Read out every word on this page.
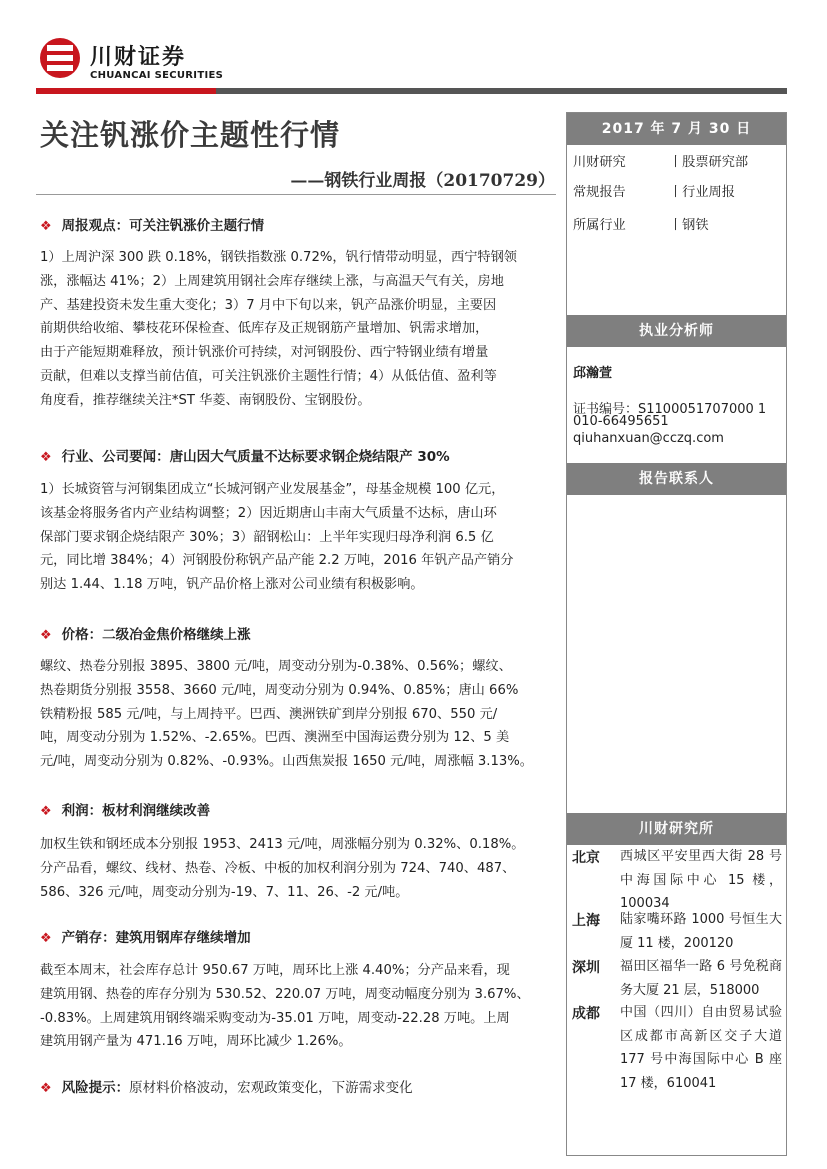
川财证券
CHUANCAI SECURITIES
关注钒涨价主题性行情
——钢铁行业周报（20170729）
❖ 周报观点：可关注钒涨价主题行情
1）上周沪深 300 跌 0.18%，钢铁指数涨 0.72%，钒行情带动明显，西宁特钢领
涨，涨幅达 41%；2）上周建筑用钢社会库存继续上涨，与高温天气有关，房地
产、基建投资未发生重大变化；3）7 月中下旬以来，钒产品涨价明显，主要因
前期供给收缩、攀枝花环保检查、低库存及正规钢筋产量增加、钒需求增加，
由于产能短期难释放，预计钒涨价可持续，对河钢股份、西宁特钢业绩有增量
贡献，但难以支撑当前估值，可关注钒涨价主题性行情；4）从低估值、盈利等
角度看，推荐继续关注*ST 华菱、南钢股份、宝钢股份。
❖ 行业、公司要闻：唐山因大气质量不达标要求钢企烧结限产 30%
1）长城资管与河钢集团成立“长城河钢产业发展基金”，母基金规模 100 亿元，
该基金将服务省内产业结构调整；2）因近期唐山丰南大气质量不达标，唐山环
保部门要求钢企烧结限产 30%；3）韶钢松山：上半年实现归母净利润 6.5 亿
元，同比增 384%；4）河钢股份称钒产品产能 2.2 万吨，2016 年钒产品产销分
别达 1.44、1.18 万吨，钒产品价格上涨对公司业绩有积极影响。
❖ 价格：二级冶金焦价格继续上涨
螺纹、热卷分别报 3895、3800 元/吨，周变动分别为-0.38%、0.56%；螺纹、
热卷期货分别报 3558、3660 元/吨，周变动分别为 0.94%、0.85%；唐山 66%
铁精粉报 585 元/吨，与上周持平。巴西、澳洲铁矿到岸分别报 670、550 元/
吨，周变动分别为 1.52%、-2.65%。巴西、澳洲至中国海运费分别为 12、5 美
元/吨，周变动分别为 0.82%、-0.93%。山西焦炭报 1650 元/吨，周涨幅 3.13%。
❖ 利润：板材利润继续改善
加权生铁和钢坯成本分别报 1953、2413 元/吨，周涨幅分别为 0.32%、0.18%。
分产品看，螺纹、线材、热卷、冷板、中板的加权利润分别为 724、740、487、
586、326 元/吨，周变动分别为-19、7、11、26、-2 元/吨。
❖ 产销存：建筑用钢库存继续增加
截至本周末，社会库存总计 950.67 万吨，周环比上涨 4.40%；分产品来看，现
建筑用钢、热卷的库存分别为 530.52、220.07 万吨，周变动幅度分别为 3.67%、
-0.83%。上周建筑用钢终端采购变动为-35.01 万吨，周变动-22.28 万吨。上周
建筑用钢产量为 471.16 万吨，周环比减少 1.26%。
❖ 风险提示：原材料价格波动，宏观政策变化，下游需求变化
2017 年 7 月 30 日
川财研究	丨股票研究部
常规报告	丨行业周报
所属行业	丨钢铁
执业分析师
邱瀚萱
证书编号：S1100051707000 1
010-66495651
qiuhanxuan@cczq.com
报告联系人
川财研究所
北京 西城区平安里西大街 28 号中海国际中心 15 楼，100034
上海 陆家嘴环路 1000 号恒生大厦 11 楼，200120
深圳 福田区福华一路 6 号免税商务大厦 21 层，518000
成都 中国（四川）自由贸易试验区成都市高新区交子大道 177 号中海国际中心 B 座 17 楼，610041
